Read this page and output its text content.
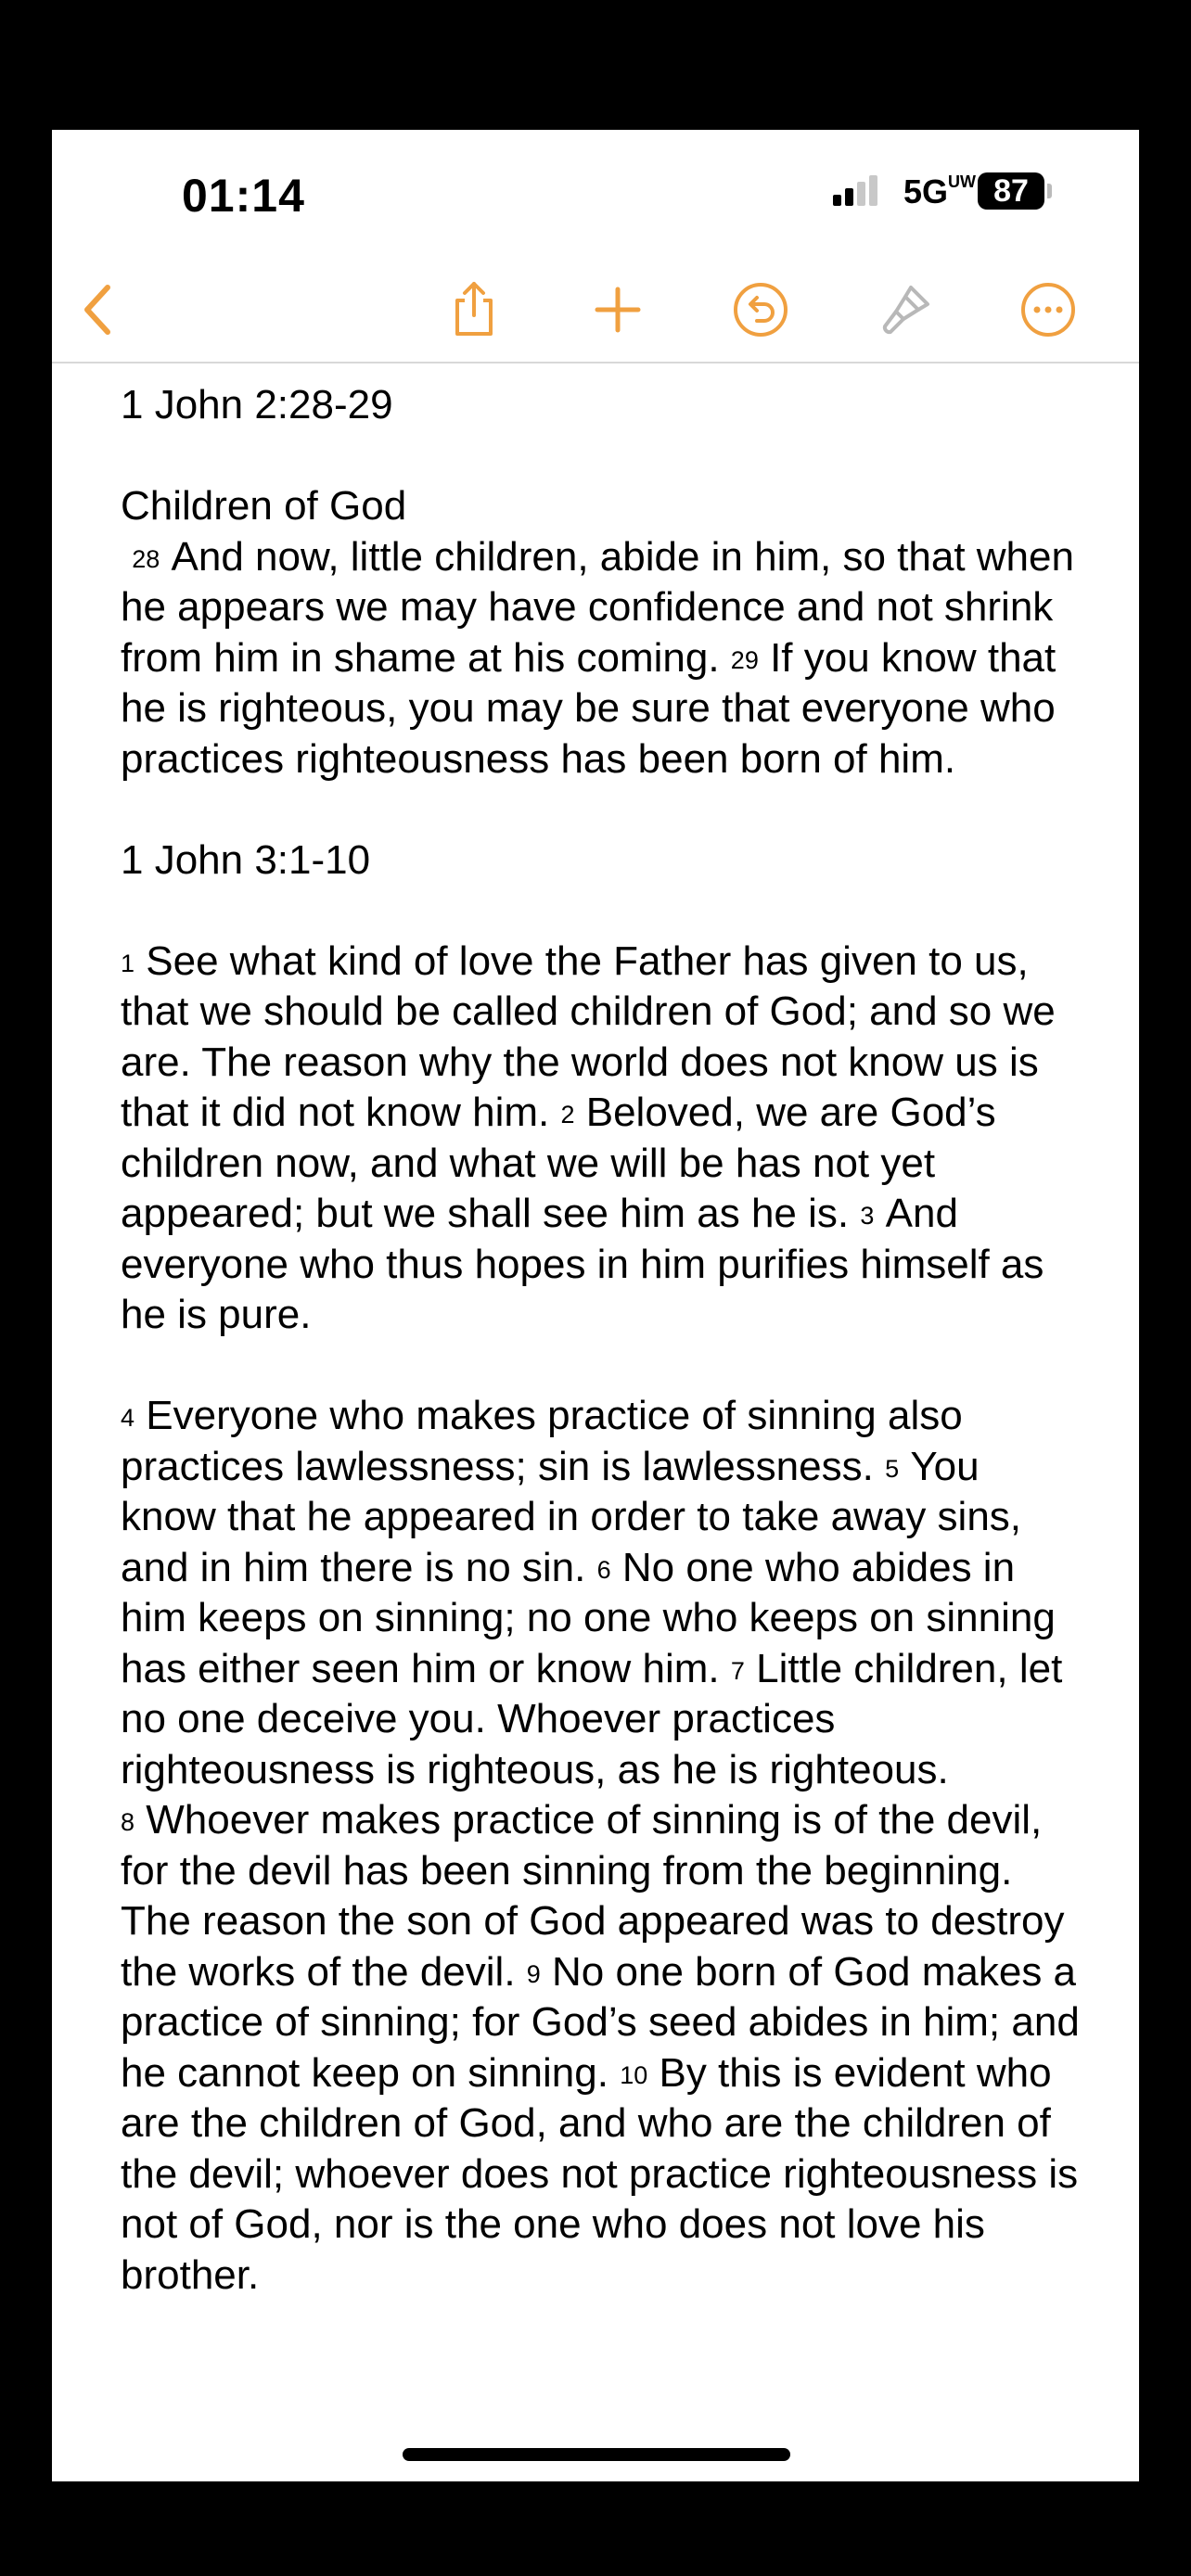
01:14	$5G^{UW}$ 87

1 John 2:28-29

Children of God

$^{28}$ And now, little children, abide in him, so that when he appears we may have confidence and not shrink from him in shame at his coming. $^{29}$ If you know that he is righteous, you may be sure that everyone who practices righteousness has been born of him.

1 John 3:1-10

$^1$ See what kind of love the Father has given to us, that we should be called children of God; and so we are. The reason why the world does not know us is that it did not know him. $^2$ Beloved, we are God’s children now, and what we will be has not yet appeared; but we shall see him as he is. $^3$ And everyone who thus hopes in him purifies himself as he is pure.

$^4$ Everyone who makes practice of sinning also practices lawlessness; sin is lawlessness. $^5$ You know that he appeared in order to take away sins, and in him there is no sin. $^6$ No one who abides in him keeps on sinning; no one who keeps on sinning has either seen him or know him. $^7$ Little children, let no one deceive you. Whoever practices righteousness is righteous, as he is righteous. $^8$ Whoever makes practice of sinning is of the devil, for the devil has been sinning from the beginning. The reason the son of God appeared was to destroy the works of the devil. $^9$ No one born of God makes a practice of sinning; for God’s seed abides in him; and he cannot keep on sinning. $^{10}$ By this is evident who are the children of God, and who are the children of the devil; whoever does not practice righteousness is not of God, nor is the one who does not love his brother.
